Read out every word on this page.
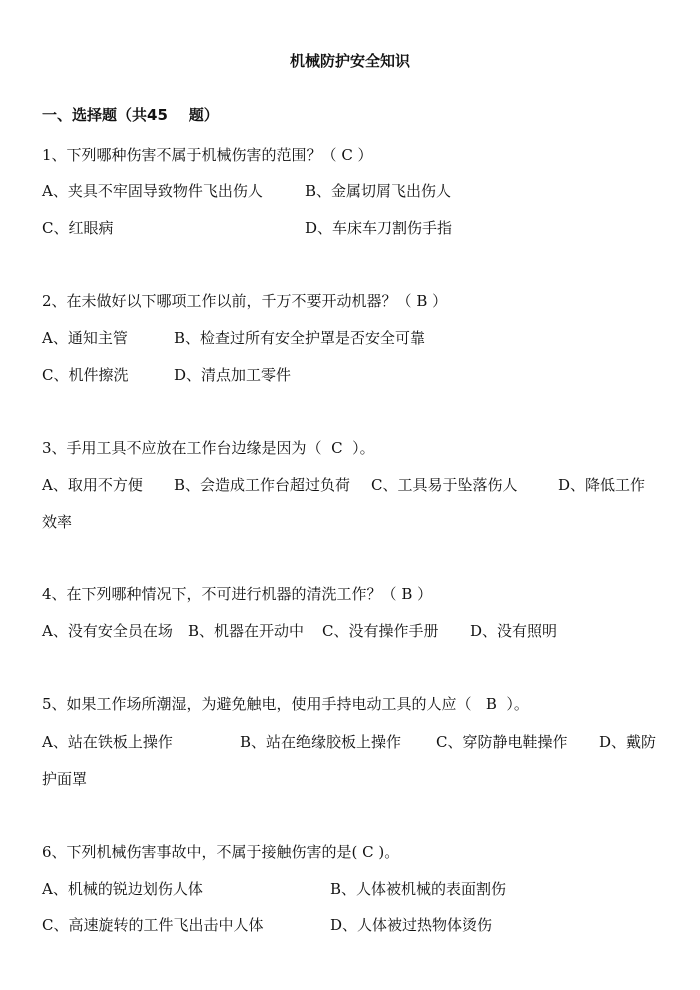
机械防护安全知识
一、选择题（共45    题）
1、下列哪种伤害不属于机械伤害的范围？（ C ）
A、夹具不牢固导致物件飞出伤人	B、金属切屑飞出伤人
C、红眼病	D、车床车刀割伤手指
2、在未做好以下哪项工作以前，千万不要开动机器？（ B ）
A、通知主管	B、检查过所有安全护罩是否安全可靠
C、机件擦洗	D、清点加工零件
3、手用工具不应放在工作台边缘是因为（  C  ）。
A、取用不方便 B、会造成工作台超过负荷 C、工具易于坠落伤人	D、降低工作
效率
4、在下列哪种情况下，不可进行机器的清洗工作？（ B ）
A、没有安全员在场 B、机器在开动中 C、没有操作手册 D、没有照明
5、如果工作场所潮湿，为避免触电，使用手持电动工具的人应（   B  ）。
A、站在铁板上操作	B、站在绝缘胶板上操作 C、穿防静电鞋操作 D、戴防
护面罩
6、下列机械伤害事故中，不属于接触伤害的是( C )。
A、机械的锐边划伤人体	B、人体被机械的表面割伤
C、高速旋转的工件飞出击中人体	D、人体被过热物体烫伤
